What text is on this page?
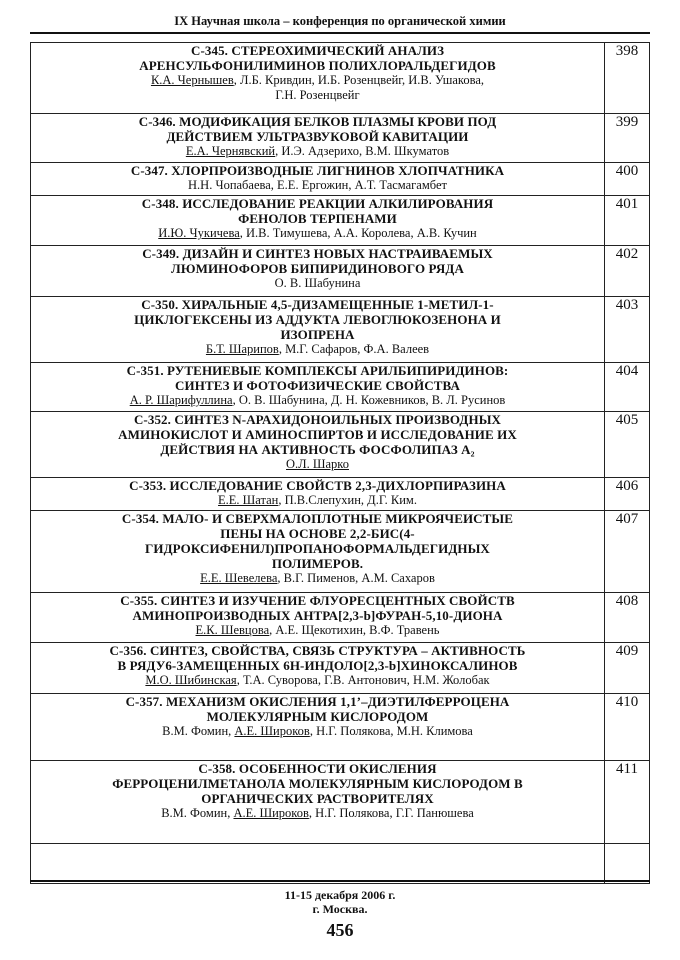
IX Научная школа – конференция по органической химии
С-345. СТЕРЕОХИМИЧЕСКИЙ АНАЛИЗ
АРЕНСУЛЬФОНИЛИМИНОВ ПОЛИХЛОРАЛЬДЕГИДОВ
К.А. Чернышев, Л.Б. Кривдин, И.Б. Розенцвейг, И.В. Ушакова,
Г.Н. Розенцвейг	398

С-346. МОДИФИКАЦИЯ БЕЛКОВ ПЛАЗМЫ КРОВИ ПОД
ДЕЙСТВИЕМ УЛЬТРАЗВУКОВОЙ КАВИТАЦИИ
Е.А. Чернявский, И.Э. Адзерихо, В.М. Шкуматов	399

С-347. ХЛОРПРОИЗВОДНЫЕ ЛИГНИНОВ ХЛОПЧАТНИКА
Н.Н. Чопабаева, Е.Е. Ергожин, А.Т. Тасмагамбет	400

С-348. ИССЛЕДОВАНИЕ РЕАКЦИИ АЛКИЛИРОВАНИЯ
ФЕНОЛОВ ТЕРПЕНАМИ
И.Ю. Чукичева, И.В. Тимушева, А.А. Королева, А.В. Кучин	401

С-349. ДИЗАЙН И СИНТЕЗ НОВЫХ НАСТРАИВАЕМЫХ
ЛЮМИНОФОРОВ БИПИРИДИНОВОГО РЯДА
О. В. Шабунина	402

С-350. ХИРАЛЬНЫЕ 4,5-ДИЗАМЕЩЕННЫЕ 1-МЕТИЛ-1-
ЦИКЛОГЕКСЕНЫ ИЗ АДДУКТА ЛЕВОГЛЮКОЗЕНОНА И
ИЗОПРЕНА
Б.Т. Шарипов, М.Г. Сафаров, Ф.А. Валеев	403

С-351. РУТЕНИЕВЫЕ КОМПЛЕКСЫ АРИЛБИПИРИДИНОВ:
СИНТЕЗ И ФОТОФИЗИЧЕСКИЕ СВОЙСТВА
А. Р. Шарифуллина, О. В. Шабунина, Д. Н. Кожевников, В. Л. Русинов	404

С-352. СИНТЕЗ N-АРАХИДОНОИЛЬНЫХ ПРОИЗВОДНЫХ
АМИНОКИСЛОТ И АМИНОСПИРТОВ И ИССЛЕДОВАНИЕ ИХ
ДЕЙСТВИЯ НА АКТИВНОСТЬ ФОСФОЛИПАЗ А₂
О.Л. Шарко	405

С-353. ИССЛЕДОВАНИЕ СВОЙСТВ 2,3-ДИХЛОРПИРАЗИНА
Е.Е. Шатан, П.В.Слепухин, Д.Г. Ким.	406

С-354. МАЛО- И СВЕРХМАЛОПЛОТНЫЕ МИКРОЯЧЕИСТЫЕ
ПЕНЫ НА ОСНОВЕ 2,2-БИС(4-
ГИДРОКСИФЕНИЛ)ПРОПАНОФОРМАЛЬДЕГИДНЫХ
ПОЛИМЕРОВ.
Е.Е. Шевелева, В.Г. Пименов, А.М. Сахаров	407

С-355. СИНТЕЗ И ИЗУЧЕНИЕ ФЛУОРЕСЦЕНТНЫХ СВОЙСТВ
АМИНОПРОИЗВОДНЫХ АНТРА[2,3-b]ФУРАН-5,10-ДИОНА
Е.К. Шевцова, А.Е. Щекотихин, В.Ф. Травень	408

С-356. СИНТЕЗ, СВОЙСТВА, СВЯЗЬ СТРУКТУРА – АКТИВНОСТЬ
В РЯДУ6-ЗАМЕЩЕННЫХ 6H-ИНДОЛО[2,3-b]ХИНОКСАЛИНОВ
М.О. Шибинская, Т.А. Суворова, Г.В. Антонович, Н.М. Жолобак	409

С-357. МЕХАНИЗМ ОКИСЛЕНИЯ 1,1’–ДИЭТИЛФЕРРОЦЕНА
МОЛЕКУЛЯРНЫМ КИСЛОРОДОМ
В.М. Фомин, А.Е. Широков, Н.Г. Полякова, М.Н. Климова	410

С-358. ОСОБЕННОСТИ ОКИСЛЕНИЯ
ФЕРРОЦЕНИЛМЕТАНОЛА МОЛЕКУЛЯРНЫМ КИСЛОРОДОМ В
ОРГАНИЧЕСКИХ РАСТВОРИТЕЛЯХ
В.М. Фомин, А.Е. Широков, Н.Г. Полякова, Г.Г. Панюшева	411

11-15 декабря 2006 г.
г. Москва.
456
